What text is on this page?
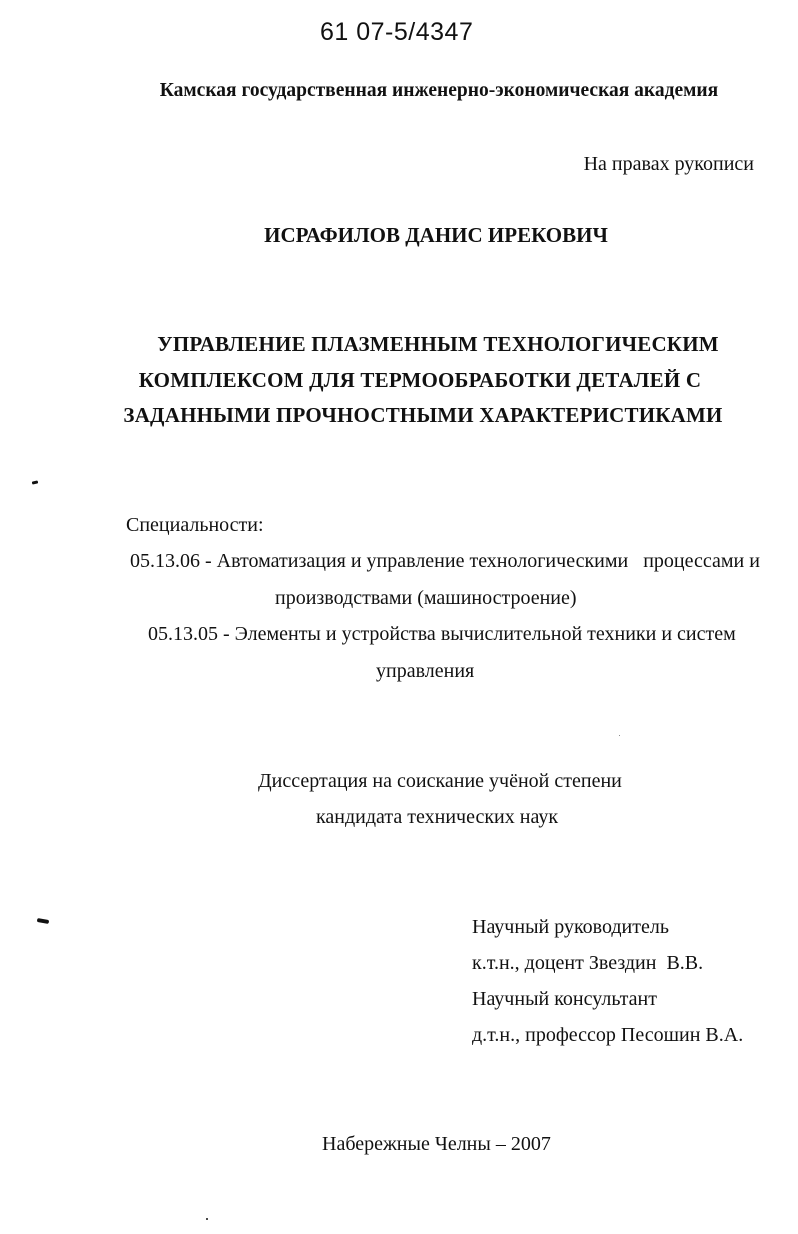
61 07-5/4347
Камская государственная инженерно-экономическая академия
На правах рукописи
ИСРАФИЛОВ ДАНИС ИРЕКОВИЧ
УПРАВЛЕНИЕ ПЛАЗМЕННЫМ ТЕХНОЛОГИЧЕСКИМ
КОМПЛЕКСОМ ДЛЯ ТЕРМООБРАБОТКИ ДЕТАЛЕЙ С
ЗАДАННЫМИ ПРОЧНОСТНЫМИ ХАРАКТЕРИСТИКАМИ
Специальности:
05.13.06 - Автоматизация и управление технологическими   процессами и
производствами (машиностроение)
05.13.05 - Элементы и устройства вычислительной техники и систем
управления
Диссертация на соискание учёной степени
кандидата технических наук
Научный руководитель
к.т.н., доцент Звездин  В.В.
Научный консультант
д.т.н., профессор Песошин В.А.
Набережные Челны – 2007
